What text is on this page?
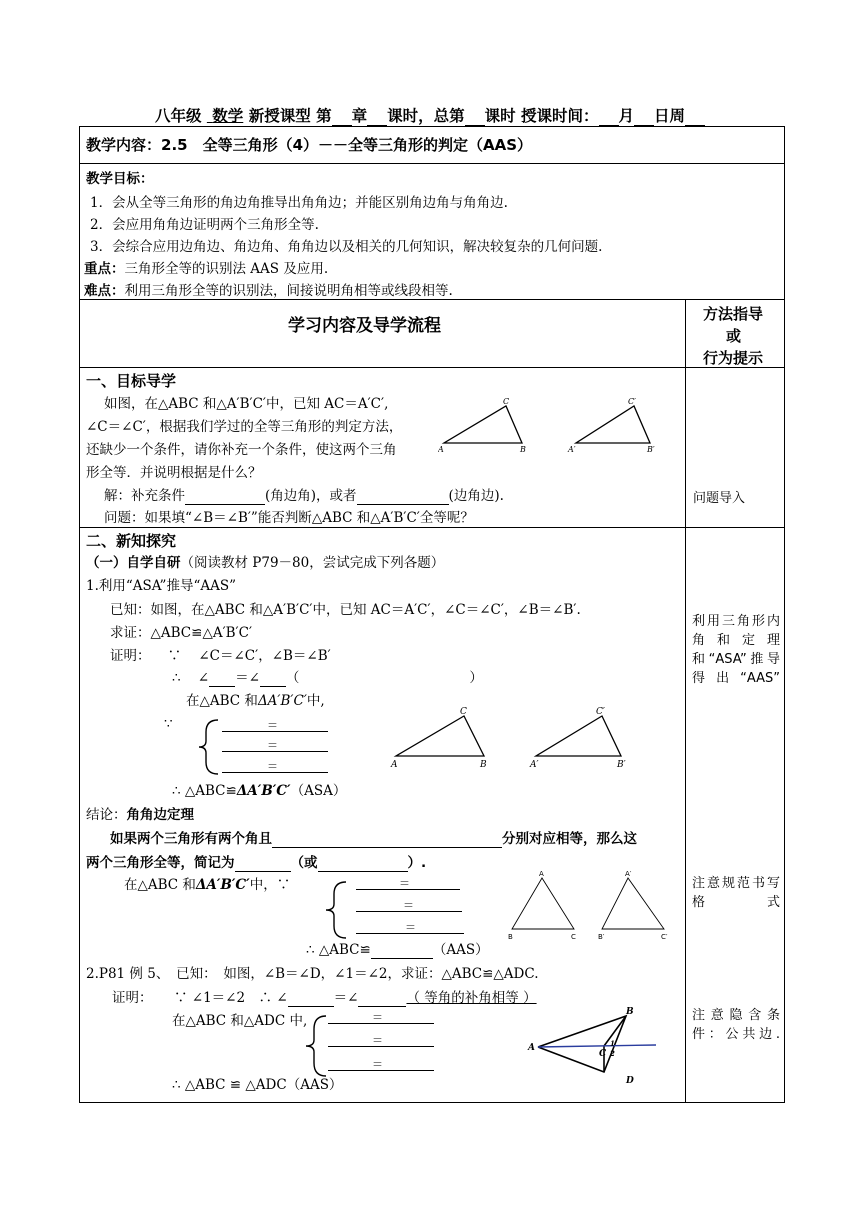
八年级 数学 新授课型 第 章 课时，总第 课时 授课时间： 月 日周
教学内容：2.5　全等三角形（4）－－全等三角形的判定（AAS）
教学目标：
1．会从全等三角形的角边角推导出角角边；并能区别角边角与角角边.
2．会应用角角边证明两个三角形全等.
3．会综合应用边角边、角边角、角角边以及相关的几何知识，解决较复杂的几何问题.
重点：三角形全等的识别法 AAS 及应用.
难点：利用三角形全等的识别法，间接说明角相等或线段相等.
学习内容及导学流程
方法指导
或
行为提示
一、目标导学
如图，在△ABC 和△A′B′C′中，已知 AC＝A′C′,
∠C＝∠C′，根据我们学过的全等三角形的判定方法，
还缺少一个条件，请你补充一个条件，使这两个三角
形全等．并说明根据是什么？
解：补充条件	(角边角)，或者	(边角边).
问题：如果填“∠B＝∠B′”能否判断△ABC 和△A′B′C′全等呢？
问题导入
A	B
C
A′	B′
C′
二、新知探究
（一）自学自研（阅读教材 P79－80，尝试完成下列各题）
1.利用“ASA”推导“AAS”
已知：如图，在△ABC 和△A′B′C′中，已知 AC＝A′C′，∠C＝∠C′，∠B＝∠B′.
求证：△ABC≌△A′B′C′
证明： ∵ ∠C＝∠C′，∠B＝∠B′
∴ ∠ ＝∠ （	）
在△ABC 和ΔA′B′C′中,
∵	＝
＝
＝	A	B
C
A′	B′
C′
∴ △ABC≌ΔA′B′C′（ASA）
结论：角角边定理
如果两个三角形有两个角且	分别对应相等，那么这
两个三角形全等，简记为	（或	）.
在△ABC 和ΔA′B′C′中，∵	＝
＝
＝
B	C
A
B′	C′
A′
∴ △ABC≌	（AAS）
2.P81 例 5、　已知：　如图，∠B＝∠D，∠1＝∠2，求证：△ABC≌△ADC.
证明： ∵ ∠1＝∠2　∴ ∠	＝∠	（ 等角的补角相等 ）
在△ABC 和△ADC 中,	＝
＝
＝
A
B
C
D
1
2
∴ △ABC ≌ △ADC（AAS）
利用三角形内角和定理和“ASA”推导得出“AAS”
注意规范书写格式
注意隐含条件：公共边.
